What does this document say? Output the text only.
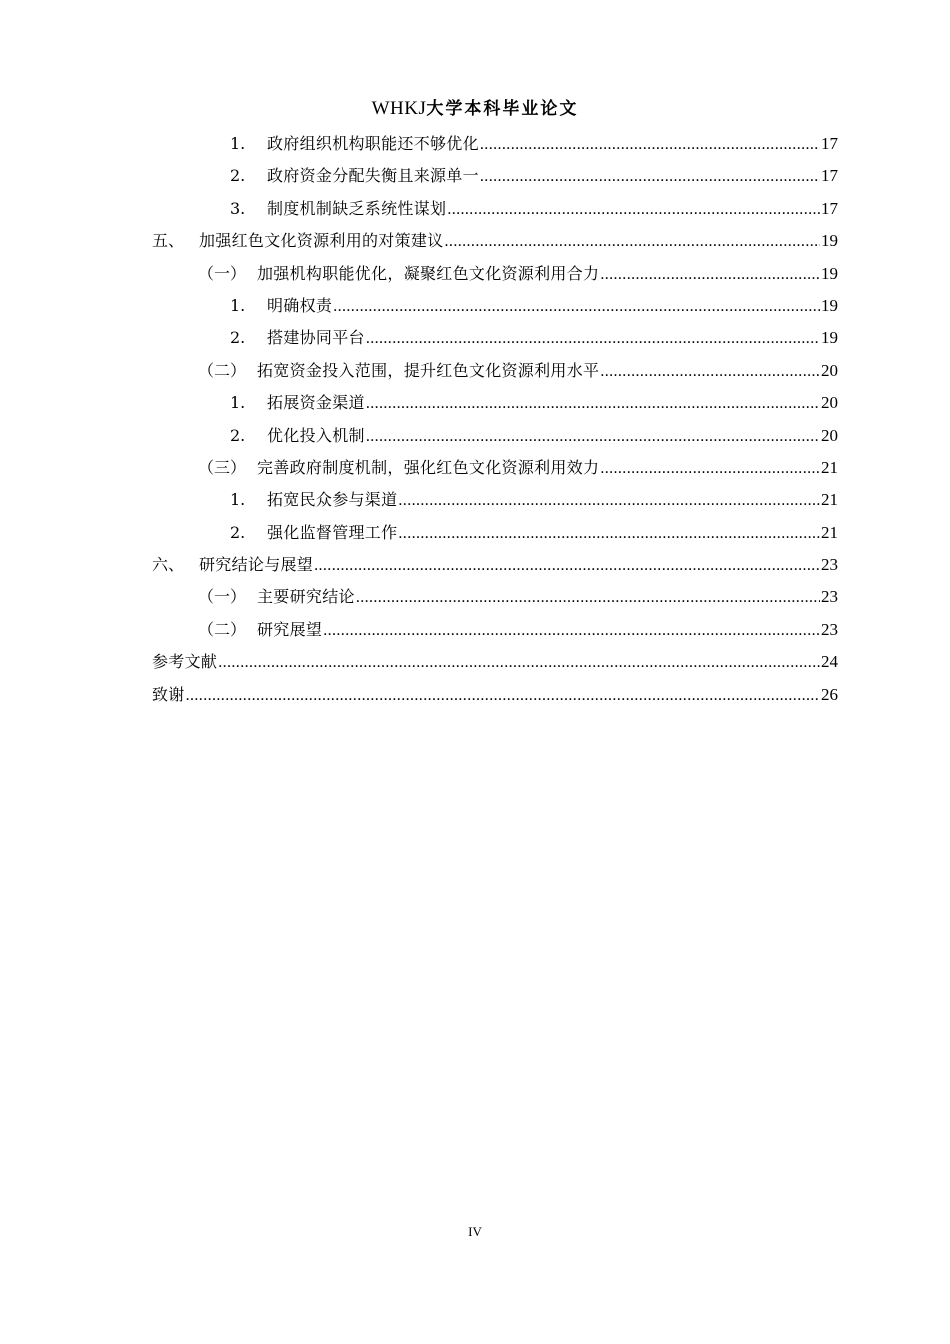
WHKJ大学本科毕业论文
1.	政府组织机构职能还不够优化 .....	17
2.	政府资金分配失衡且来源单一 .....	17
3.	制度机制缺乏系统性谋划 .....	17
五、 加强红色文化资源利用的对策建议 .....	19
（一） 加强机构职能优化，凝聚红色文化资源利用合力 .....	19
1.	明确权责 .....	19
2.	搭建协同平台 .....	19
（二） 拓宽资金投入范围，提升红色文化资源利用水平 .....	20
1.	拓展资金渠道 .....	20
2.	优化投入机制 .....	20
（三） 完善政府制度机制，强化红色文化资源利用效力 .....	21
1.	拓宽民众参与渠道 .....	21
2.	强化监督管理工作 .....	21
六、 研究结论与展望 .....	23
（一） 主要研究结论 .....	23
（二） 研究展望 .....	23
参考文献 .....	24
致谢 .....	26
IV
